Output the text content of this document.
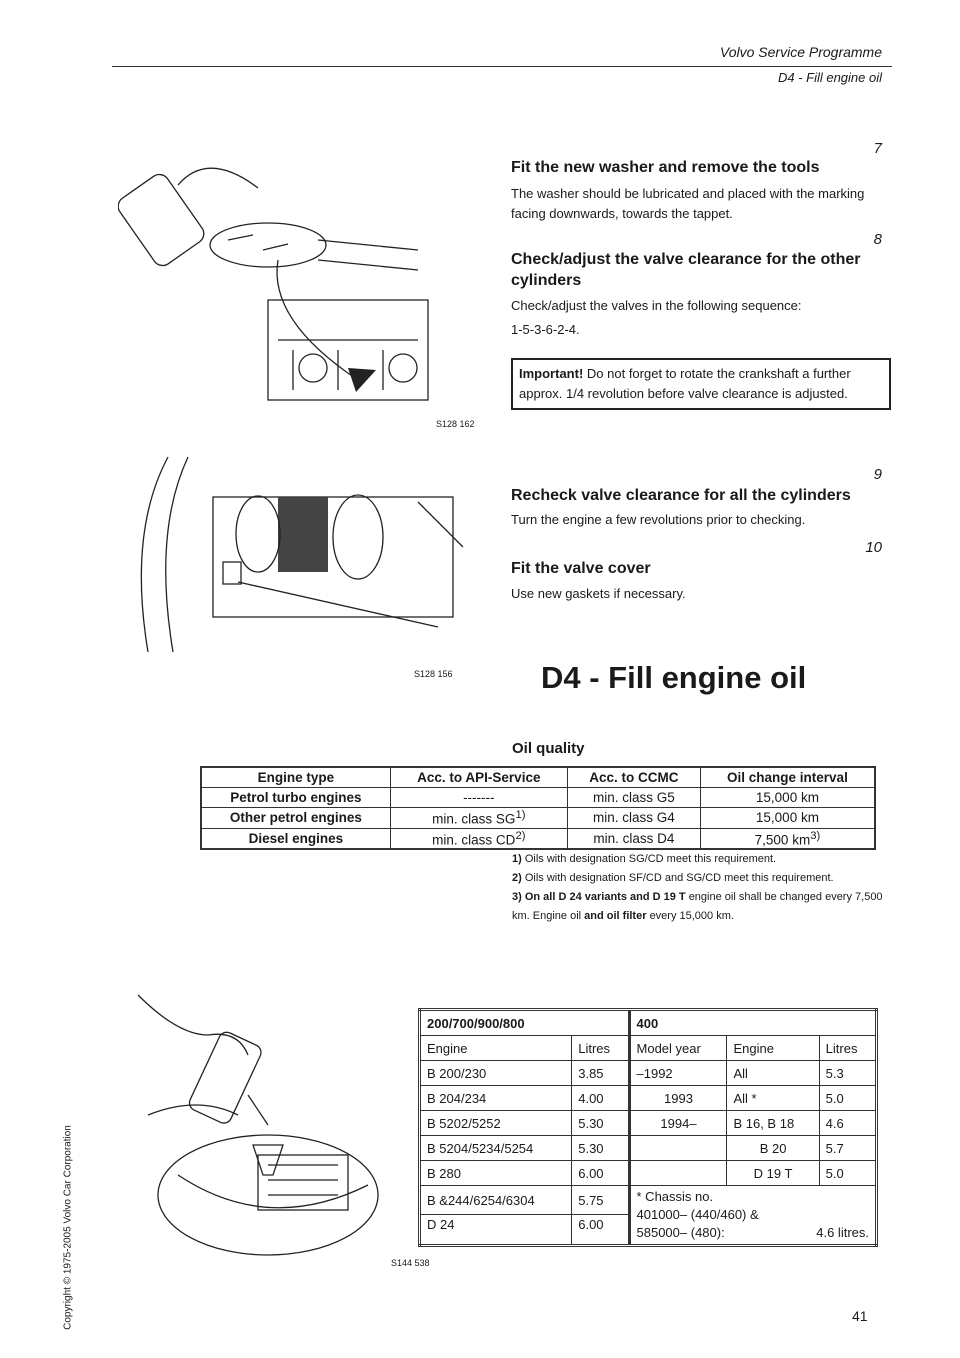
Volvo Service Programme
D4 - Fill engine oil
Copyright © 1975-2005 Volvo Car Corporation
S128 162
S128 156
7
Fit the new washer and remove the tools
The washer should be lubricated and placed with the marking facing downwards, towards the tappet.
8
Check/adjust the valve clearance for the other cylinders
Check/adjust the valves in the following sequence:
1-5-3-6-2-4.
Important! Do not forget to rotate the crankshaft a further approx. 1/4 revolution before valve clearance is adjusted.
9
Recheck valve clearance for all the cylinders
Turn the engine a few revolutions prior to checking.
10
Fit the valve cover
Use new gaskets if necessary.
D4 - Fill engine oil
Oil quality
Engine type	Acc. to API-Service	Acc. to CCMC	Oil change interval
Petrol turbo engines	-------	min. class G5	15,000 km
Other petrol engines	min. class SG$^{1)}$	min. class G4	15,000 km
Diesel engines	min. class CD$^{2)}$	min. class D4	7,500 $km^{3)}$
1) Oils with designation SG/CD meet this requirement.
2) Oils with designation SF/CD and SG/CD meet this requirement.
3) On all D 24 variants and D 19 T engine oil shall be changed every 7,500 km. Engine oil and oil filter every 15,000 km.
S144 538
200/700/900/800		400		
Engine	Litres	Model year	Engine	Litres
B 200/230	3.85	–1992	All	5.3
B 204/234	4.00	1993	All *	5.0
B 5202/5252	5.30	1994–	B 16, B 18	4.6
B 5204/5234/5254	5.30		B 20	5.7
B 280	6.00		D 19 T	5.0
B &244/6254/6304	5.75	* Chassis no.
401000– (440/460) &
585000– (480): 4.6 litres.		

D 24	6.00			
41
